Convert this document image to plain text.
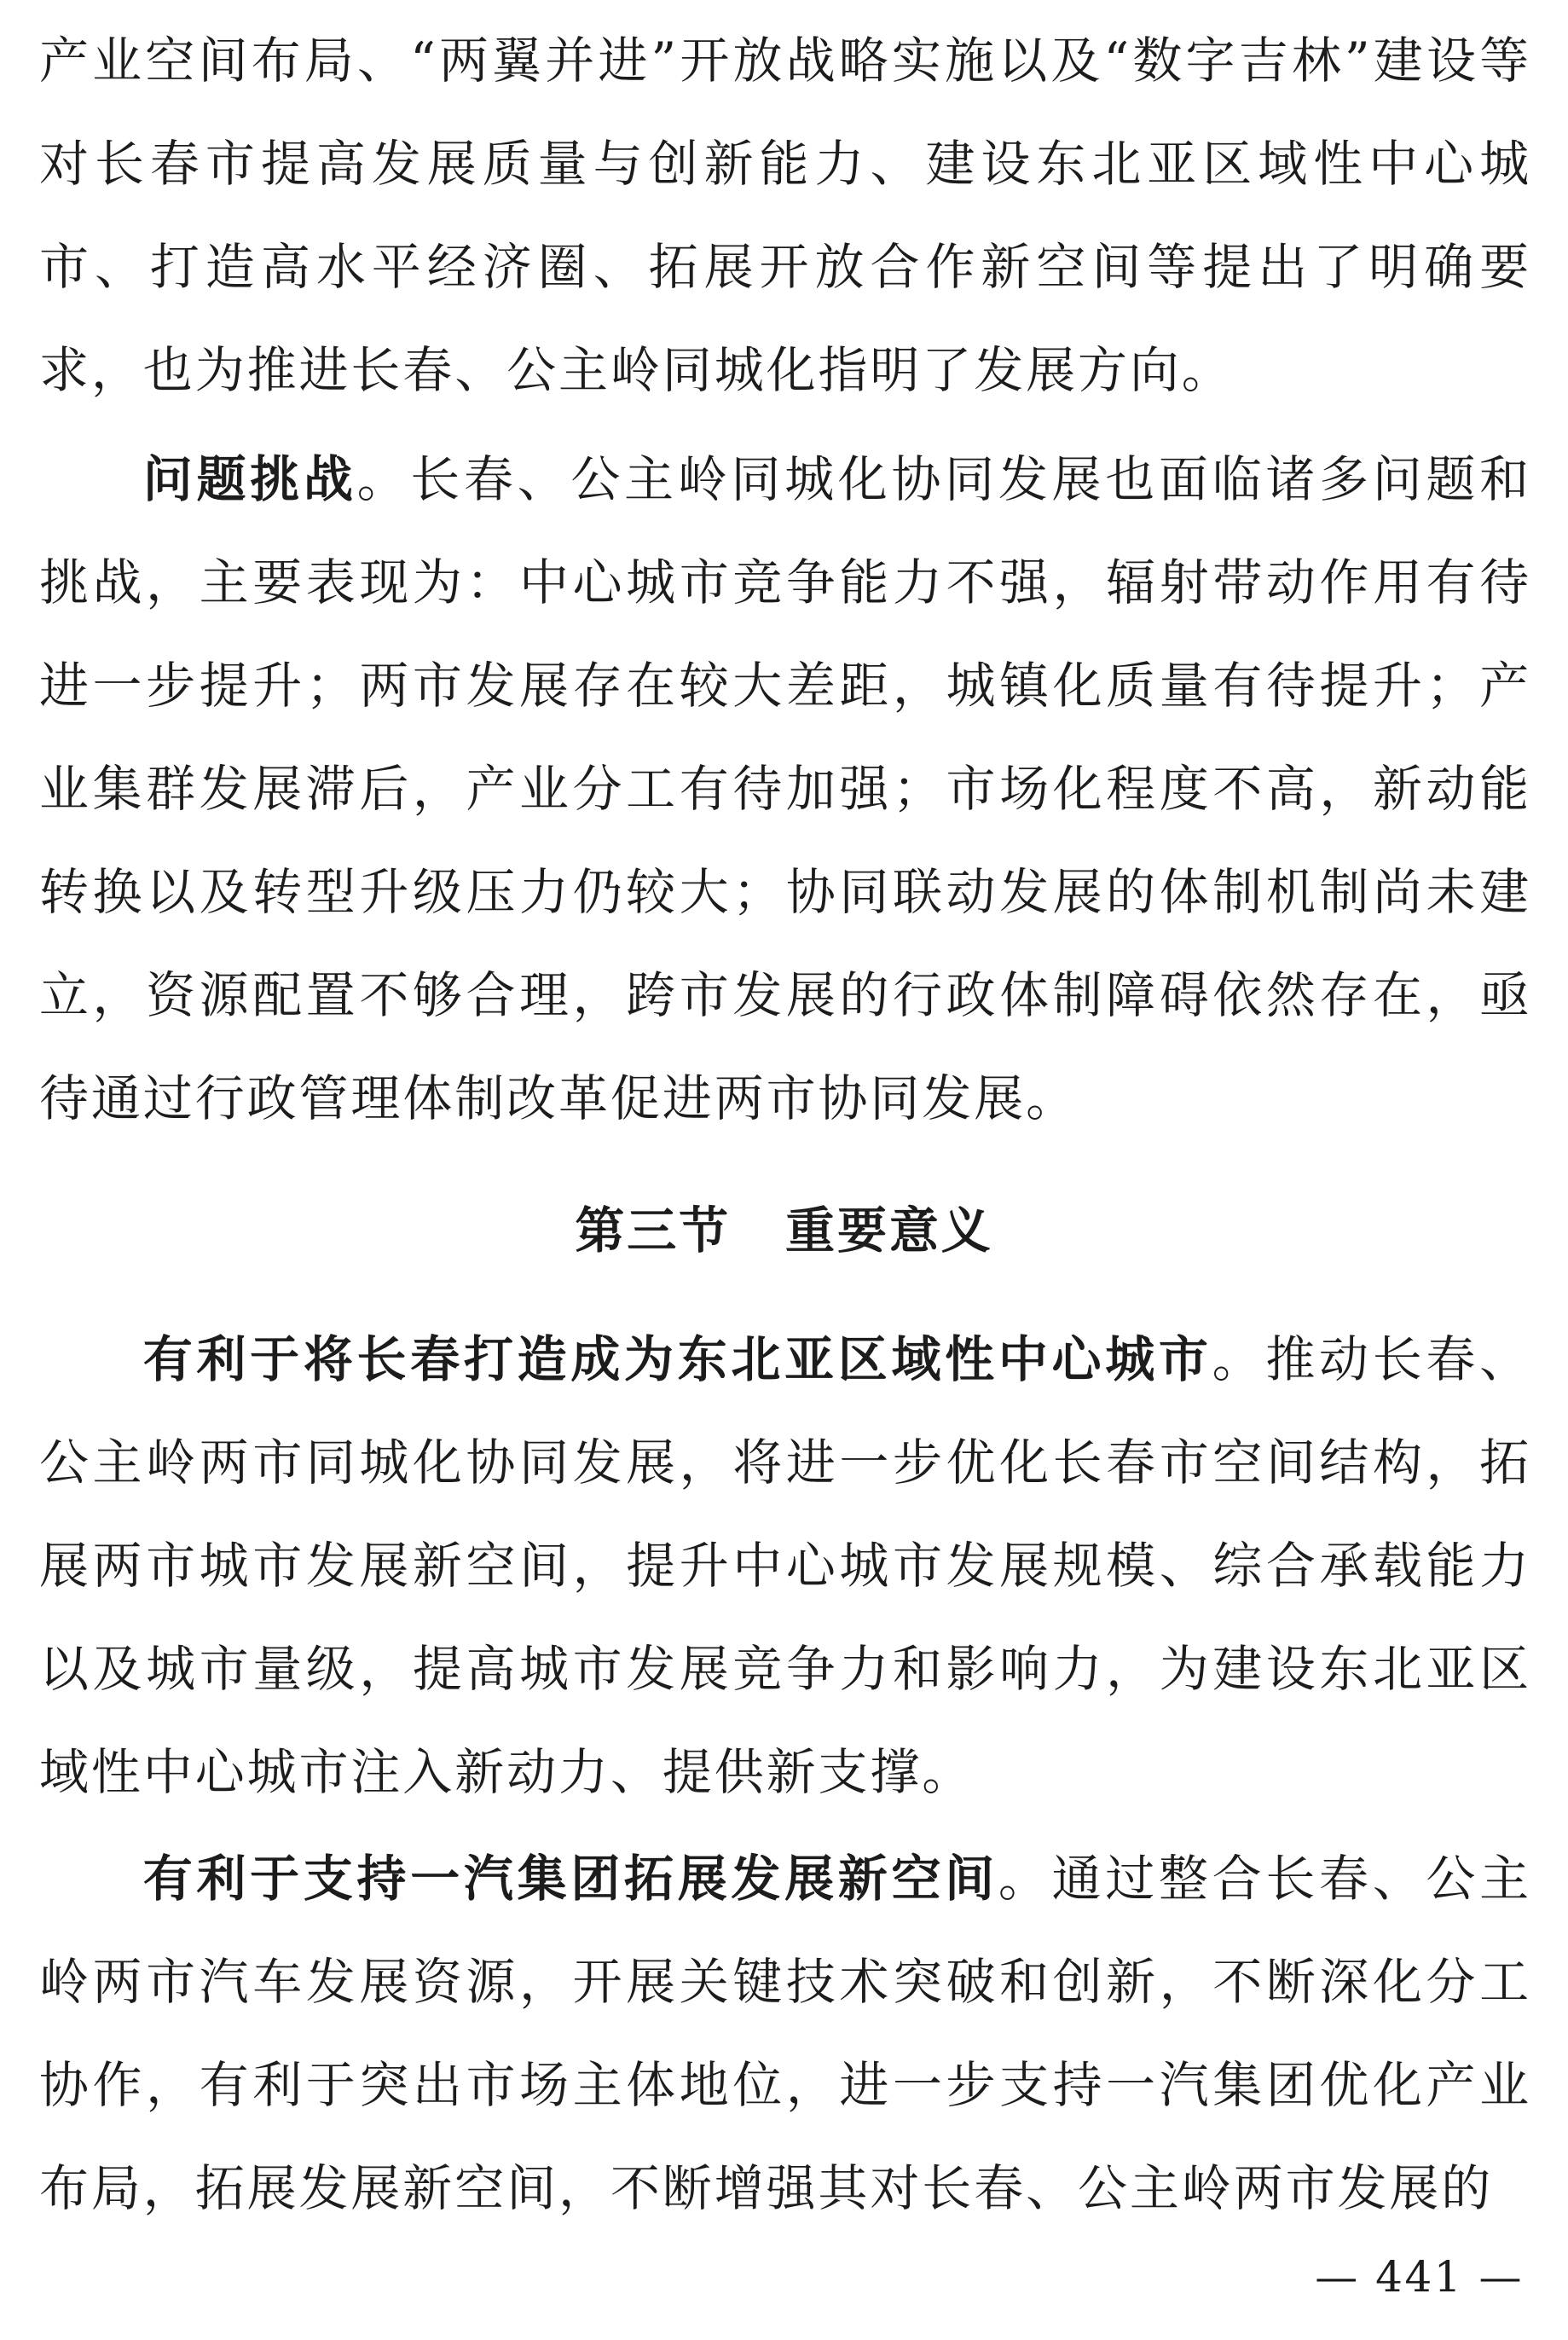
产业空间布局、“两翼并进”开放战略实施以及“数字吉林”建设等对长春市提高发展质量与创新能力、建设东北亚区域性中心城市、打造高水平经济圈、拓展开放合作新空间等提出了明确要求，也为推进长春、公主岭同城化指明了发展方向。

问题挑战。长春、公主岭同城化协同发展也面临诸多问题和挑战，主要表现为：中心城市竞争能力不强，辐射带动作用有待进一步提升；两市发展存在较大差距，城镇化质量有待提升；产业集群发展滞后，产业分工有待加强；市场化程度不高，新动能转换以及转型升级压力仍较大；协同联动发展的体制机制尚未建立，资源配置不够合理，跨市发展的行政体制障碍依然存在，亟待通过行政管理体制改革促进两市协同发展。

第三节 重要意义

有利于将长春打造成为东北亚区域性中心城市。推动长春、公主岭两市同城化协同发展，将进一步优化长春市空间结构，拓展两市城市发展新空间，提升中心城市发展规模、综合承载能力以及城市量级，提高城市发展竞争力和影响力，为建设东北亚区域性中心城市注入新动力、提供新支撑。

有利于支持一汽集团拓展发展新空间。通过整合长春、公主岭两市汽车发展资源，开展关键技术突破和创新，不断深化分工协作，有利于突出市场主体地位，进一步支持一汽集团优化产业布局，拓展发展新空间，不断增强其对长春、公主岭两市发展的

— 441 —
